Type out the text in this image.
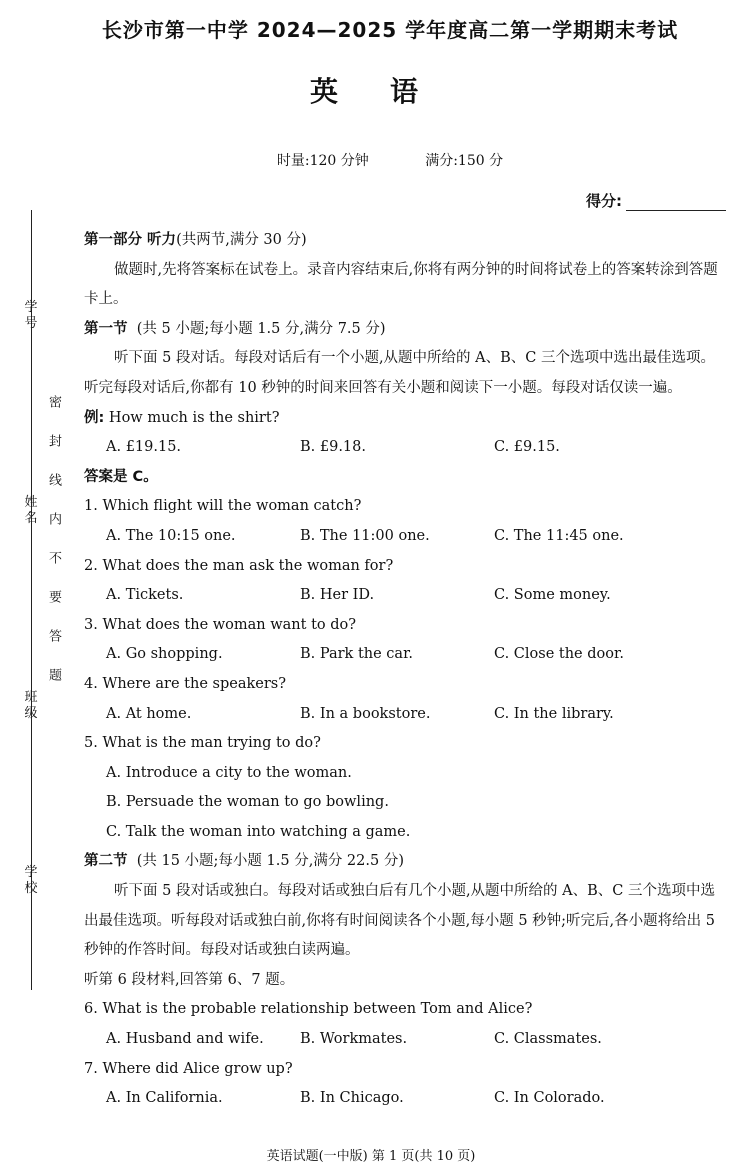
学号
姓名
班级
学校
密封线内不要答题
长沙市第一中学 2024—2025 学年度高二第一学期期末考试
英语
时量:120 分钟	满分:150 分
得分:

第一部分 听力(共两节,满分 30 分)

做题时,先将答案标在试卷上。录音内容结束后,你将有两分钟的时间将试卷上的答案转涂到答题卡上。

第一节 (共 5 小题;每小题 1.5 分,满分 7.5 分)

听下面 5 段对话。每段对话后有一个小题,从题中所给的 A、B、C 三个选项中选出最佳选项。听完每段对话后,你都有 10 秒钟的时间来回答有关小题和阅读下一小题。每段对话仅读一遍。

例: How much is the shirt?

A. £19.15.	B. £9.18.	C. £9.15.

答案是 C。

1. Which flight will the woman catch?

A. The 10:15 one.	B. The 11:00 one.	C. The 11:45 one.

2. What does the man ask the woman for?

A. Tickets.	B. Her ID.	C. Some money.

3. What does the woman want to do?

A. Go shopping.	B. Park the car.	C. Close the door.

4. Where are the speakers?

A. At home.	B. In a bookstore.	C. In the library.

5. What is the man trying to do?

A. Introduce a city to the woman.
B. Persuade the woman to go bowling.
C. Talk the woman into watching a game.

第二节 (共 15 小题;每小题 1.5 分,满分 22.5 分)

听下面 5 段对话或独白。每段对话或独白后有几个小题,从题中所给的 A、B、C 三个选项中选出最佳选项。听每段对话或独白前,你将有时间阅读各个小题,每小题 5 秒钟;听完后,各小题将给出 5 秒钟的作答时间。每段对话或独白读两遍。

听第 6 段材料,回答第 6、7 题。

6. What is the probable relationship between Tom and Alice?

A. Husband and wife.	B. Workmates.	C. Classmates.

7. Where did Alice grow up?

A. In California.	B. In Chicago.	C. In Colorado.
英语试题(一中版) 第 1 页(共 10 页)
